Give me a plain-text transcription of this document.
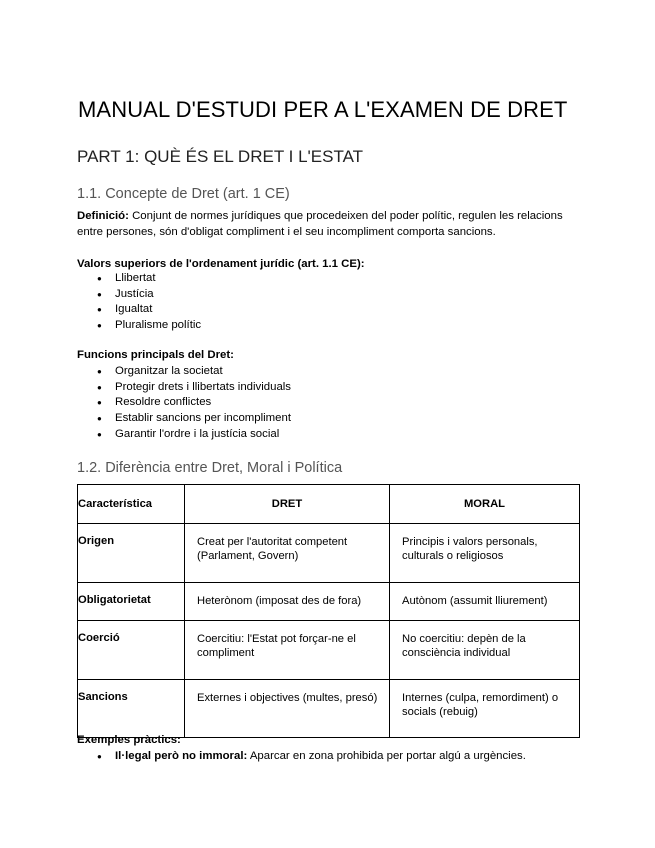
MANUAL D'ESTUDI PER A L'EXAMEN DE DRET
PART 1: QUÈ ÉS EL DRET I L'ESTAT
1.1. Concepte de Dret (art. 1 CE)

Definició: Conjunt de normes jurídiques que procedeixen del poder polític, regulen les relacions entre persones, són d'obligat compliment i el seu incompliment comporta sancions.

Valors superiors de l'ordenament jurídic (art. 1.1 CE):

● Llibertat
● Justícia
● Igualtat
● Pluralisme polític

Funcions principals del Dret:

● Organitzar la societat
● Protegir drets i llibertats individuals
● Resoldre conflictes
● Establir sancions per incompliment
● Garantir l'ordre i la justícia social
1.2. Diferència entre Dret, Moral i Política
Característica	DRET	MORAL
Origen	Creat per l'autoritat competent (Parlament, Govern)	Principis i valors personals, culturals o religiosos
Obligatorietat	Heterònom (imposat des de fora)	Autònom (assumit lliurement)
Coerció	Coercitiu: l'Estat pot forçar-ne el compliment	No coercitiu: depèn de la consciència individual
Sancions	Externes i objectives (multes, presó)	Internes (culpa, remordiment) o socials (rebuig)
Exemples pràctics:
● Il·legal però no immoral: Aparcar en zona prohibida per portar algú a urgències.
